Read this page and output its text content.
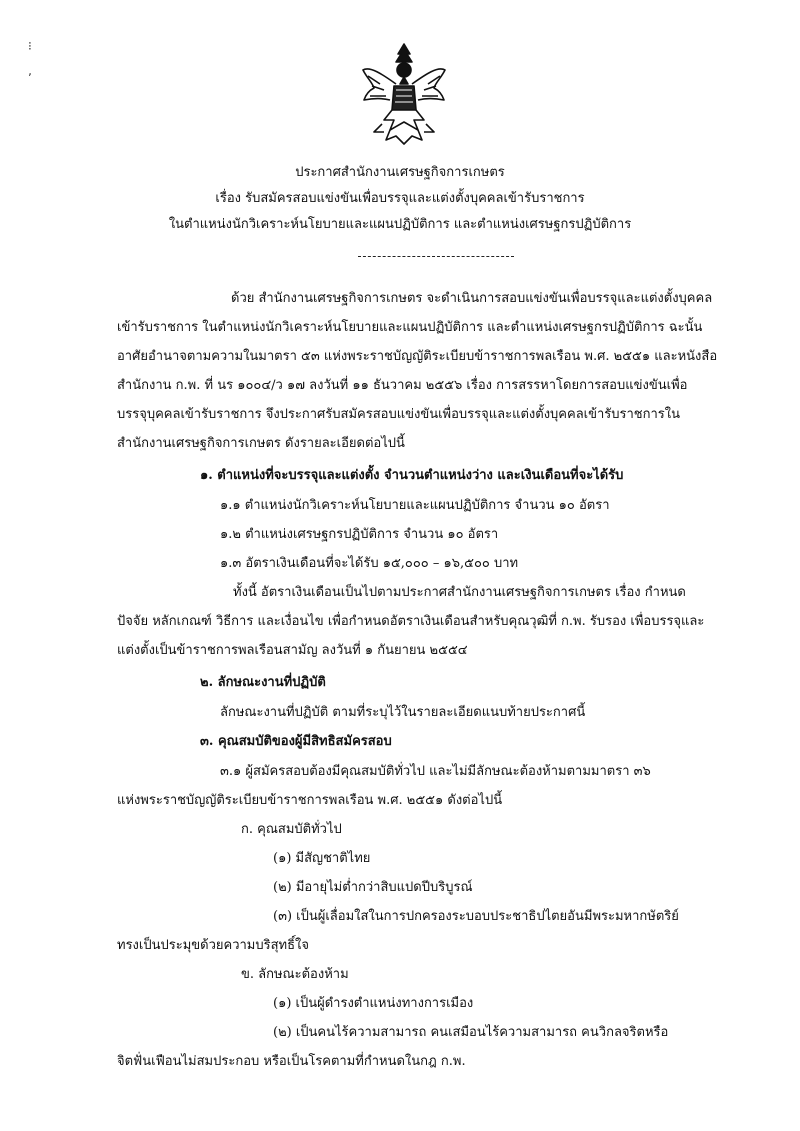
⁝
٬
ประกาศสำนักงานเศรษฐกิจการเกษตร
เรื่อง รับสมัครสอบแข่งขันเพื่อบรรจุและแต่งตั้งบุคคลเข้ารับราชการ
ในตำแหน่งนักวิเคราะห์นโยบายและแผนปฏิบัติการ และตำแหน่งเศรษฐกรปฏิบัติการ
ด้วย สำนักงานเศรษฐกิจการเกษตร จะดำเนินการสอบแข่งขันเพื่อบรรจุและแต่งตั้งบุคคล
เข้ารับราชการ ในตำแหน่งนักวิเคราะห์นโยบายและแผนปฏิบัติการ และตำแหน่งเศรษฐกรปฏิบัติการ ฉะนั้น
อาศัยอำนาจตามความในมาตรา ๕๓ แห่งพระราชบัญญัติระเบียบข้าราชการพลเรือน พ.ศ. ๒๕๕๑ และหนังสือ
สำนักงาน ก.พ. ที่ นร ๑๐๐๔/ว ๑๗ ลงวันที่ ๑๑ ธันวาคม ๒๕๕๖ เรื่อง การสรรหาโดยการสอบแข่งขันเพื่อ
บรรจุบุคคลเข้ารับราชการ จึงประกาศรับสมัครสอบแข่งขันเพื่อบรรจุและแต่งตั้งบุคคลเข้ารับราชการใน
สำนักงานเศรษฐกิจการเกษตร ดังรายละเอียดต่อไปนี้
๑. ตำแหน่งที่จะบรรจุและแต่งตั้ง จำนวนตำแหน่งว่าง และเงินเดือนที่จะได้รับ
๑.๑ ตำแหน่งนักวิเคราะห์นโยบายและแผนปฏิบัติการ จำนวน ๑๐ อัตรา
๑.๒ ตำแหน่งเศรษฐกรปฏิบัติการ จำนวน ๑๐ อัตรา
๑.๓ อัตราเงินเดือนที่จะได้รับ ๑๕,๐๐๐ – ๑๖,๕๐๐ บาท
ทั้งนี้ อัตราเงินเดือนเป็นไปตามประกาศสำนักงานเศรษฐกิจการเกษตร เรื่อง กำหนด
ปัจจัย หลักเกณฑ์ วิธีการ และเงื่อนไข เพื่อกำหนดอัตราเงินเดือนสำหรับคุณวุฒิที่ ก.พ. รับรอง เพื่อบรรจุและ
แต่งตั้งเป็นข้าราชการพลเรือนสามัญ ลงวันที่ ๑ กันยายน ๒๕๕๔
๒. ลักษณะงานที่ปฏิบัติ
ลักษณะงานที่ปฏิบัติ ตามที่ระบุไว้ในรายละเอียดแนบท้ายประกาศนี้
๓. คุณสมบัติของผู้มีสิทธิสมัครสอบ
๓.๑ ผู้สมัครสอบต้องมีคุณสมบัติทั่วไป และไม่มีลักษณะต้องห้ามตามมาตรา ๓๖
แห่งพระราชบัญญัติระเบียบข้าราชการพลเรือน พ.ศ. ๒๕๕๑ ดังต่อไปนี้
ก. คุณสมบัติทั่วไป
(๑) มีสัญชาติไทย
(๒) มีอายุไม่ต่ำกว่าสิบแปดปีบริบูรณ์
(๓) เป็นผู้เลื่อมใสในการปกครองระบอบประชาธิปไตยอันมีพระมหากษัตริย์
ทรงเป็นประมุขด้วยความบริสุทธิ์ใจ
ข. ลักษณะต้องห้าม
(๑) เป็นผู้ดำรงตำแหน่งทางการเมือง
(๒) เป็นคนไร้ความสามารถ คนเสมือนไร้ความสามารถ คนวิกลจริตหรือ
จิตฟั่นเฟือนไม่สมประกอบ หรือเป็นโรคตามที่กำหนดในกฎ ก.พ.
